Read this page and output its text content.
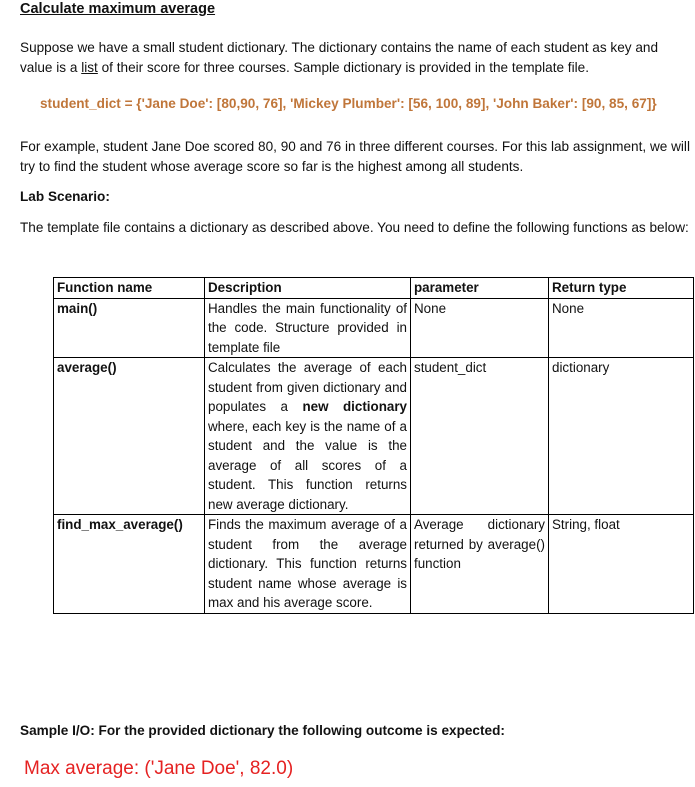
Calculate maximum average
Suppose we have a small student dictionary. The dictionary contains the name of each student as key and value is a list of their score for three courses. Sample dictionary is provided in the template file.
student_dict = {'Jane Doe': [80,90, 76], 'Mickey Plumber': [56, 100, 89], 'John Baker': [90, 85, 67]}
For example, student Jane Doe scored 80, 90 and 76 in three different courses. For this lab assignment, we will try to find the student whose average score so far is the highest among all students.
Lab Scenario:
The template file contains a dictionary as described above. You need to define the following functions as below:
Function name	Description	parameter	Return type
main()	Handles the main functionality of the code. Structure provided in template file	None	None
average()	Calculates the average of each student from given dictionary and populates a new dictionary where, each key is the name of a student and the value is the average of all scores of a student. This function returns new average dictionary.	student_dict	dictionary
find_max_average()	Finds the maximum average of a student from the average dictionary. This function returns student name whose average is max and his average score.	Average dictionary returned by average() function	String, float
Sample I/O: For the provided dictionary the following outcome is expected:
Max average: ('Jane Doe', 82.0)
